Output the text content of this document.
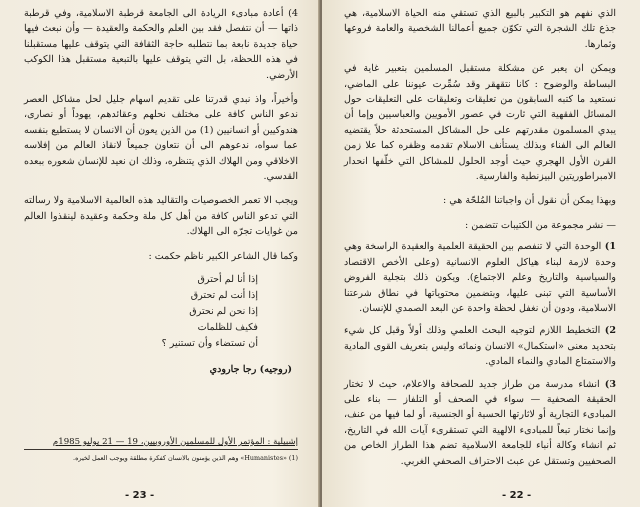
4) أعادة مبادىء الريادة الى الجامعة قرطبة الاسلامية، وفي قرطبة ذاتها — أن نتفصل فقد بين العلم والحكمة والعقيدة — وأن نبعث فيها حياة جديدة نابعة بما نتطلبه حاجة الثقافة التي يتوقف عليها مستقبلنا في هذه اللحظة، بل التي يتوقف عليها بالتبعية مستقبل هذا الكوكب الأرضي.

وأخيراً، واذ نبدي قدرتنا على تقديم اسهام جليل لحل مشاكل العصر ندعو الناس كافة على مختلف نحلهم وعقائدهم، يهوداً أو نصارى، هندوكيين أو انسانيين (1) من الذين يعون أن الانسان لا يستطيع بنفسه عما سواه، ندعوهم الى أن نتعاون جميعاً لانقاذ العالم من إفلاسه الاخلاقي ومن الهلاك الذي يتنظره، وذلك ان نعيد للإنسان شعوره ببعده القدسي.

ويجب الا تعمر الخصوصيات والتقاليد هذه العالمية الاسلامية ولا رسالته التي تدعو الناس كافة من أهل كل ملة وحكمة وعقيدة لينقذوا العالم من غوايات تجرّه الى الهلاك.

وكما قال الشاعر الكبير ناظم حكمت :

إذا أنا لم أحترق
إذا أنت لم تحترق
إذا نحن لم نحترق
فكيف للظلمات
أن تستضاء وأن تستنير ؟
(روجيه) رجا جارودي
إشبيلية : المؤتمر الأول للمسلمين الأوروبيين، 19 — 21 يوليو 1985م
(1) «Humanistes» وهم الذين يؤمنون بالانسان كفكرة مطلقة ويوجب العمل لخيره.
- 23 -

الذي نفهم هو التكبير بالبيع الذي تستقي منه الحياة الاسلامية، هي جذع تلك الشجرة التي تكوّن جميع أعمالنا الشخصية والعامة فروعها وثمارها.

ويمكن ان يعبر عن مشكلة مستقبل المسلمين بتعبير غاية في البساطة والوضوح : كانا نتقهقر وقد سُمِّرت عيوننا على الماضي، نستعيد ما كتبه السابقون من تعليقات وتعليقات على التعليقات حول المسائل الفقهية التي ثارت في عصور الأمويين والعباسيين وإما أن يبدي المسلمون مقدرتهم على حل المشاكل المستحدثة حلاً يقتضيه العالم الى الفناء وبذلك يستأنف الاسلام تقدمه وظفره كما علا زمن القرن الأول الهجري حيث أوجد الحلول للمشاكل التي خلّفها انحدار الامبراطوريتين البيزنطية والفارسية.

وبهذا يمكن أن نقول أن واجباتنا المُلحّة هي :

— نشر مجموعة من الكتيبات تتضمن :

1) الوحدة التي لا تنفصم بين الحقيقة العلمية والعقيدة الراسخة وهي وحدة لازمة لبناء هياكل العلوم الانسانية (وعلى الأخص الاقتصاد والسياسية والتاريخ وعلم الاجتماع). ويكون ذلك بتجلية الفروض الأساسية التي تبنى عليها، وبتضمين محتوياتها في نطاق شرعتنا الاسلامية، ودون أن نغفل لحظة واحدة عن البعد الصمدي للإنسان.

2) التخطيط اللازم لتوجيه البحث العلمي وذلك أولاً وقبل كل شيء بتحديد معنى «استكمال» الانسان ونمائه وليس بتعريف القوى المادية والاستمتاع المادي والنماء المادي.

3) انشاء مدرسة من طراز جديد للصحافة والاعلام، حيث لا تختار الحقيقة الصحفية — سواء في الصحف أو التلفاز — بناء على المبادىء التجارية أو لاثارتها الحسية أو الجنسية، أو لما فيها من عنف، وإنما نختار تبعاً للمبادىء الالهية التي تستقرىء آيات الله في التاريخ، ثم انشاء وكالة أنباء للجامعة الاسلامية تضم هذا الطراز الخاص من الصحفيين وتستقل عن عبث الاحتراف الصحفي الغربي.

- 22 -
